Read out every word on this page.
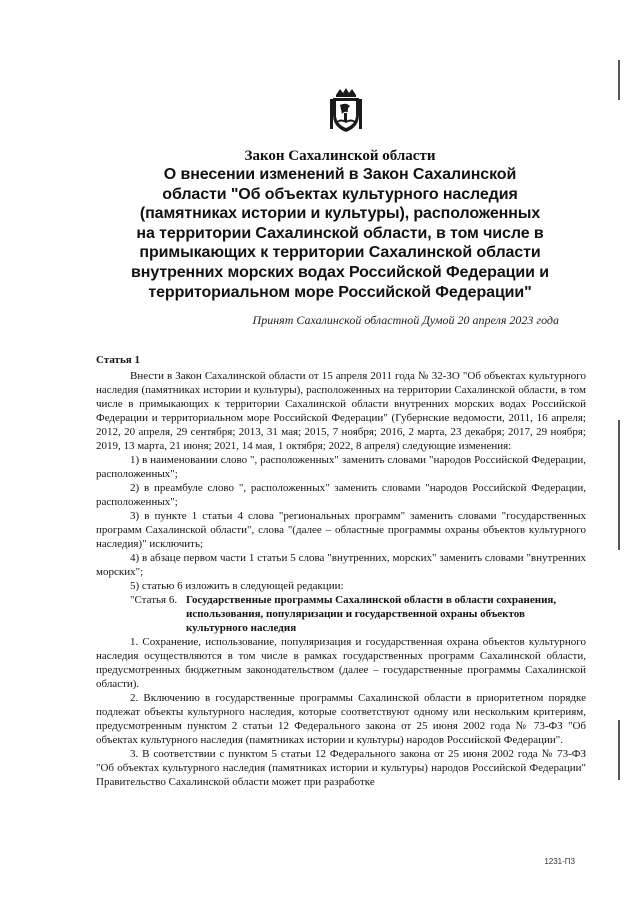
Закон Сахалинской области

О внесении изменений в Закон Сахалинской

области "Об объектах культурного наследия

(памятниках истории и культуры), расположенных

на территории Сахалинской области, в том числе в

примыкающих к территории Сахалинской области

внутренних морских водах Российской Федерации и

территориальном море Российской Федерации"

Принят Сахалинской областной Думой 20 апреля 2023 года

Статья 1

Внести в Закон Сахалинской области от 15 апреля 2011 года № 32-ЗО "Об объектах культурного наследия (памятниках истории и культуры), расположенных на территории Сахалинской области, в том числе в примыкающих к территории Сахалинской области внутренних морских водах Российской Федерации и территориальном море Российской Федерации" (Губернские ведомости, 2011, 16 апреля; 2012, 20 апреля, 29 сентября; 2013, 31 мая; 2015, 7 ноября; 2016, 2 марта, 23 декабря; 2017, 29 ноября; 2019, 13 марта, 21 июня; 2021, 14 мая, 1 октября; 2022, 8 апреля) следующие изменения:

1) в наименовании слово ", расположенных" заменить словами "народов Российской Федерации, расположенных";

2) в преамбуле слово ", расположенных" заменить словами "народов Российской Федерации, расположенных";

3) в пункте 1 статьи 4 слова "региональных программ" заменить словами "государственных программ Сахалинской области", слова "(далее – областные программы охраны объектов культурного наследия)" исключить;

4) в абзаце первом части 1 статьи 5 слова "внутренних, морских" заменить словами "внутренних морских";

5) статью 6 изложить в следующей редакции:

"Статья 6. Государственные программы Сахалинской области в области сохранения, использования, популяризации и государственной охраны объектов культурного наследия

1. Сохранение, использование, популяризация и государственная охрана объектов культурного наследия осуществляются в том числе в рамках государственных программ Сахалинской области, предусмотренных бюджетным законодательством (далее – государственные программы Сахалинской области).

2. Включению в государственные программы Сахалинской области в приоритетном порядке подлежат объекты культурного наследия, которые соответствуют одному или нескольким критериям, предусмотренным пунктом 2 статьи 12 Федерального закона от 25 июня 2002 года № 73-ФЗ "Об объектах культурного наследия (памятниках истории и культуры) народов Российской Федерации".

3. В соответствии с пунктом 5 статьи 12 Федерального закона от 25 июня 2002 года № 73-ФЗ "Об объектах культурного наследия (памятниках истории и культуры) народов Российской Федерации" Правительство Сахалинской области может при разработке

1231-П3
